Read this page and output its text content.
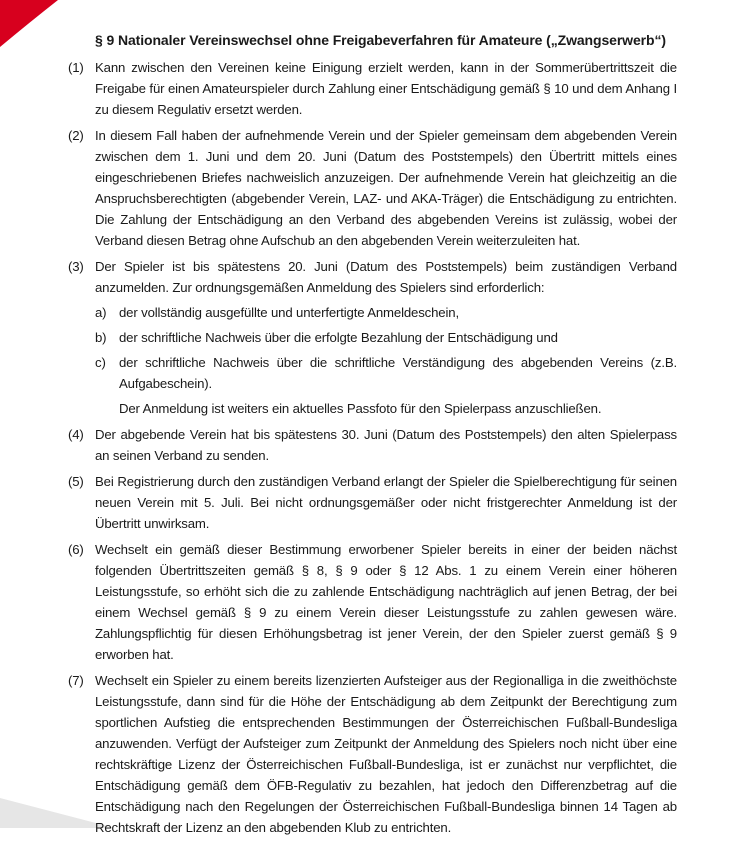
§ 9 Nationaler Vereinswechsel ohne Freigabeverfahren für Amateure („Zwangserwerb“)
(1) Kann zwischen den Vereinen keine Einigung erzielt werden, kann in der Sommerübertrittszeit die Freigabe für einen Amateurspieler durch Zahlung einer Entschädigung gemäß § 10 und dem Anhang I zu diesem Regulativ ersetzt werden.
(2) In diesem Fall haben der aufnehmende Verein und der Spieler gemeinsam dem abgebenden Verein zwischen dem 1. Juni und dem 20. Juni (Datum des Poststempels) den Übertritt mittels eines eingeschriebenen Briefes nachweislich anzuzeigen. Der aufnehmende Verein hat gleichzeitig an die Anspruchsberechtigten (abgebender Verein, LAZ- und AKA-Träger) die Entschädigung zu entrichten. Die Zahlung der Entschädigung an den Verband des abgebenden Vereins ist zulässig, wobei der Verband diesen Betrag ohne Aufschub an den abgebenden Verein weiterzuleiten hat.
(3) Der Spieler ist bis spätestens 20. Juni (Datum des Poststempels) beim zuständigen Verband anzumelden. Zur ordnungsgemäßen Anmeldung des Spielers sind erforderlich:
a) der vollständig ausgefüllte und unterfertigte Anmeldeschein,
b) der schriftliche Nachweis über die erfolgte Bezahlung der Entschädigung und
c)	der schriftliche Nachweis über die schriftliche Verständigung des abgebenden Vereins (z.B. Aufgabeschein).
Der Anmeldung ist weiters ein aktuelles Passfoto für den Spielerpass anzuschließen.
(4) Der abgebende Verein hat bis spätestens 30. Juni (Datum des Poststempels) den alten Spielerpass an seinen Verband zu senden.
(5) Bei Registrierung durch den zuständigen Verband erlangt der Spieler die Spielberechtigung für seinen neuen Verein mit 5. Juli. Bei nicht ordnungsgemäßer oder nicht fristgerechter Anmeldung ist der Übertritt unwirksam.
(6) Wechselt ein gemäß dieser Bestimmung erworbener Spieler bereits in einer der beiden nächst folgenden Übertrittszeiten gemäß § 8, § 9 oder § 12 Abs. 1 zu einem Verein einer höheren Leistungsstufe, so erhöht sich die zu zahlende Entschädigung nachträglich auf jenen Betrag, der bei einem Wechsel gemäß § 9 zu einem Verein dieser Leistungsstufe zu zahlen gewesen wäre. Zahlungspflichtig für diesen Erhöhungsbetrag ist jener Verein, der den Spieler zuerst gemäß § 9 erworben hat.
(7) Wechselt ein Spieler zu einem bereits lizenzierten Aufsteiger aus der Regionalliga in die zweithöchste Leistungsstufe, dann sind für die Höhe der Entschädigung ab dem Zeitpunkt der Berechtigung zum sportlichen Aufstieg die entsprechenden Bestimmungen der Österreichischen Fußball-Bundesliga anzuwenden. Verfügt der Aufsteiger zum Zeitpunkt der Anmeldung des Spielers noch nicht über eine rechtskräftige Lizenz der Österreichischen Fußball-Bundesliga, ist er zunächst nur verpflichtet, die Entschädigung gemäß dem ÖFB-Regulativ zu bezahlen, hat jedoch den Differenzbetrag auf die Entschädigung nach den Regelungen der Österreichischen Fußball-Bundesliga binnen 14 Tagen ab Rechtskraft der Lizenz an den abgebenden Klub zu entrichten.
